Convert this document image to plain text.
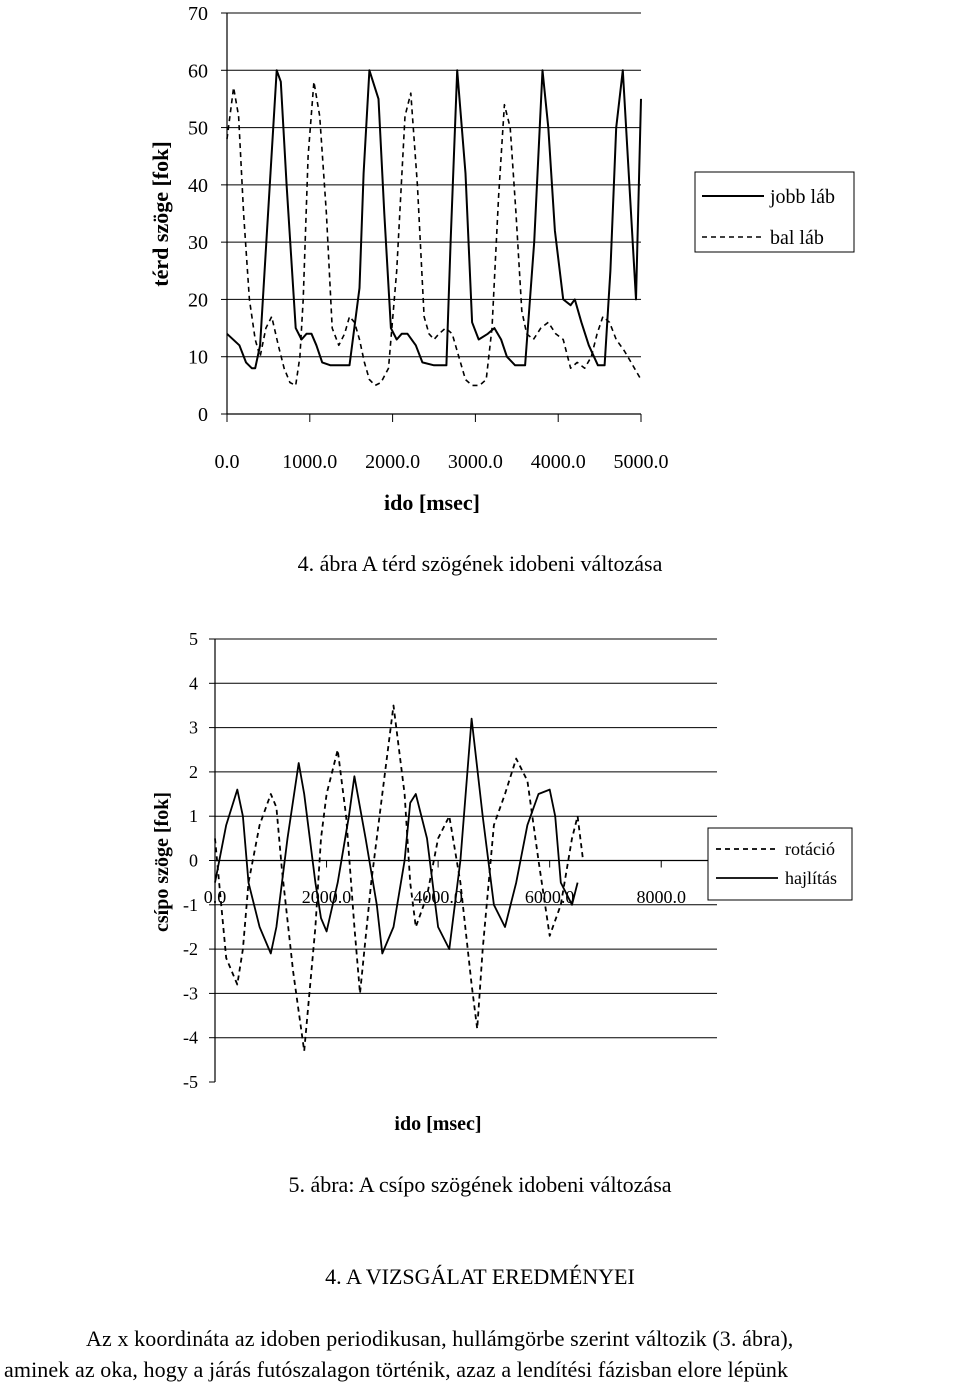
70
60
50
40
30
20
10
0
0.0 1000.0 2000.0 3000.0 4000.0 5000.0
ido [msec]
térd szöge [fok]	jobb láb
bal láb
5
4
3
2
1
0
-1
-2
-3
-4
-5
0.0	2000.0	4000.0	6000.0	8000.0
ido [msec]
csípo szöge [fok]	rotáció
hajlítás
4. ábra A térd szögének idobeni változása
5. ábra: A csípo szögének idobeni változása
4. A VIZSGÁLAT EREDMÉNYEI
Az x koordináta az idoben periodikusan, hullámgörbe szerint változik (3. ábra),
aminek az oka, hogy a járás futószalagon történik, azaz a lendítési fázisban elore lépünk
